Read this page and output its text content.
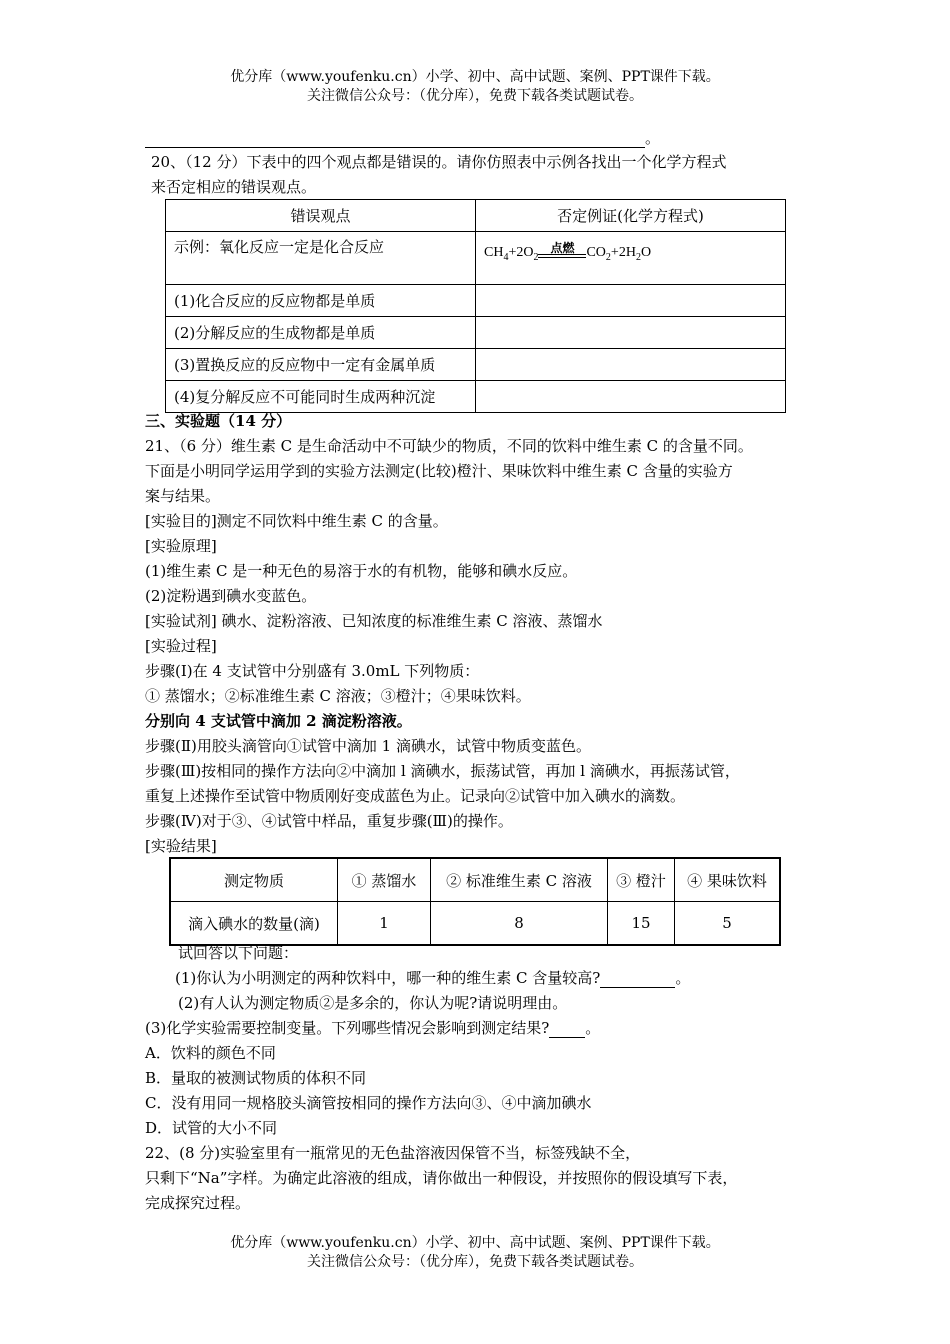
优分库（www.youfenku.cn）小学、初中、高中试题、案例、PPT课件下载。
关注微信公众号：（优分库），免费下载各类试题试卷。
。
20、（12 分）下表中的四个观点都是错误的。请你仿照表中示例各找出一个化学方程式
来否定相应的错误观点。
错误观点	否定例证(化学方程式)
示例：氧化反应一定是化合反应	$CH_4+2O_2$
点燃 $CO_2+2H_2O$
(1)化合反应的反应物都是单质	
(2)分解反应的生成物都是单质	
(3)置换反应的反应物中一定有金属单质	
(4)复分解反应不可能同时生成两种沉淀	
三、实验题（14 分）
21、（6 分）维生素 C 是生命活动中不可缺少的物质，不同的饮料中维生素 C 的含量不同。
下面是小明同学运用学到的实验方法测定(比较)橙汁、果味饮料中维生素 C 含量的实验方
案与结果。
[实验目的]测定不同饮料中维生素 C 的含量。
[实验原理]
(1)维生素 C 是一种无色的易溶于水的有机物，能够和碘水反应。
(2)淀粉遇到碘水变蓝色。
[实验试剂] 碘水、淀粉溶液、已知浓度的标准维生素 C 溶液、蒸馏水
[实验过程]
步骤(Ⅰ)在 4 支试管中分别盛有 3.0mL 下列物质：
① 蒸馏水；②标准维生素 C 溶液；③橙汁；④果味饮料。
分别向 4 支试管中滴加 2 滴淀粉溶液。
步骤(Ⅱ)用胶头滴管向①试管中滴加 1 滴碘水，试管中物质变蓝色。
步骤(Ⅲ)按相同的操作方法向②中滴加 l 滴碘水，振荡试管，再加 l 滴碘水，再振荡试管，
重复上述操作至试管中物质刚好变成蓝色为止。记录向②试管中加入碘水的滴数。
步骤(Ⅳ)对于③、④试管中样品，重复步骤(Ⅲ)的操作。
[实验结果]
测定物质	① 蒸馏水	② 标准维生素 C 溶液	③ 橙汁	④ 果味饮料
滴入碘水的数量(滴)	1	8	15	5
试回答以下问题：
(1)你认为小明测定的两种饮料中，哪一种的维生素 C 含量较高?	。
(2)有人认为测定物质②是多余的，你认为呢?请说明理由。
(3)化学实验需要控制变量。下列哪些情况会影响到测定结果? 。
A．饮料的颜色不同
B．量取的被测试物质的体积不同
C．没有用同一规格胶头滴管按相同的操作方法向③、④中滴加碘水
D．试管的大小不同
22、(8 分)实验室里有一瓶常见的无色盐溶液因保管不当，标签残缺不全，
只剩下“Na”字样。为确定此溶液的组成，请你做出一种假设，并按照你的假设填写下表，
完成探究过程。
优分库（www.youfenku.cn）小学、初中、高中试题、案例、PPT课件下载。
关注微信公众号：（优分库），免费下载各类试题试卷。
